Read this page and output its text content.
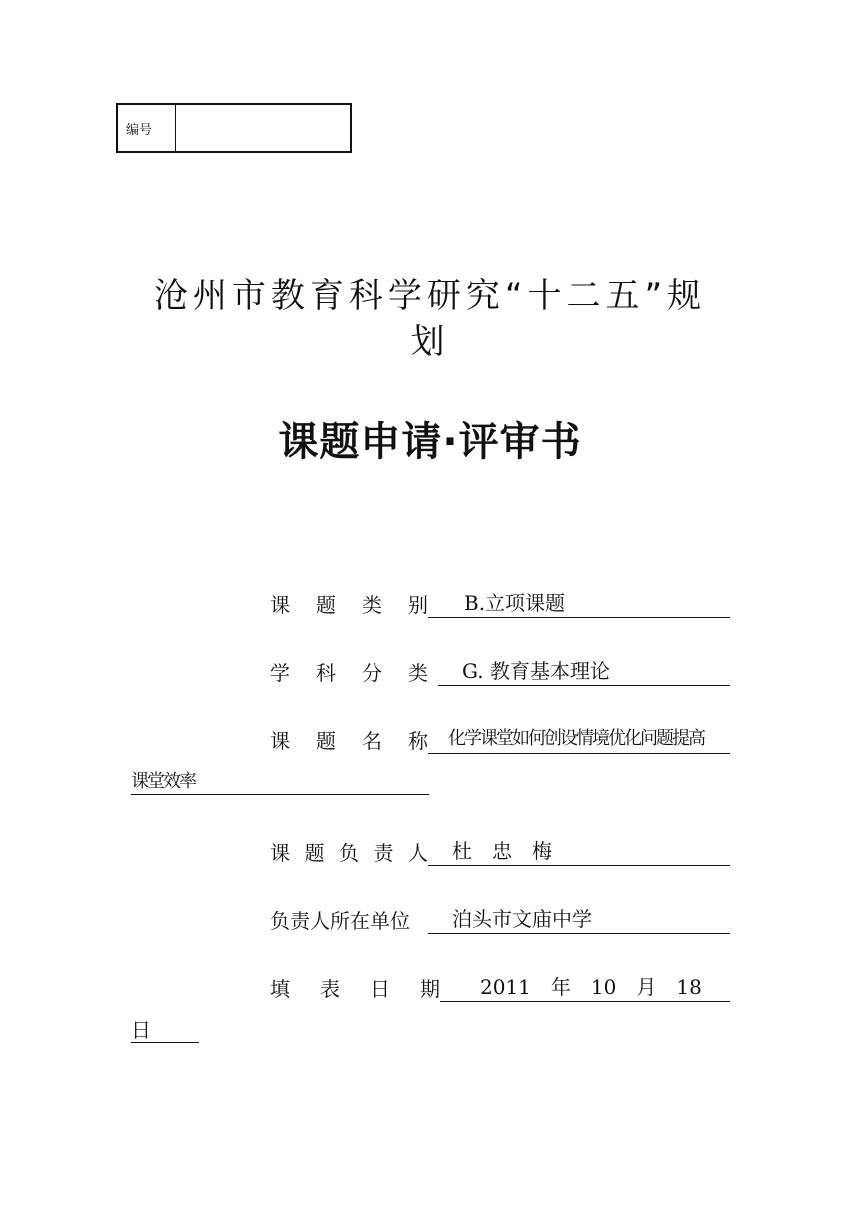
编号
沧州市教育科学研究“十二五”规
划
课题申请·评审书
课 题 类 别	B.立项课题
学 科 分 类	G. 教育基本理论
课 题 名 称	化学课堂如何创设情境优化问题提高
课堂效率
课 题 负 责 人	杜　忠　梅
负责人所在单位	泊头市文庙中学
填 表 日 期	2011　年　10　月　18
日
